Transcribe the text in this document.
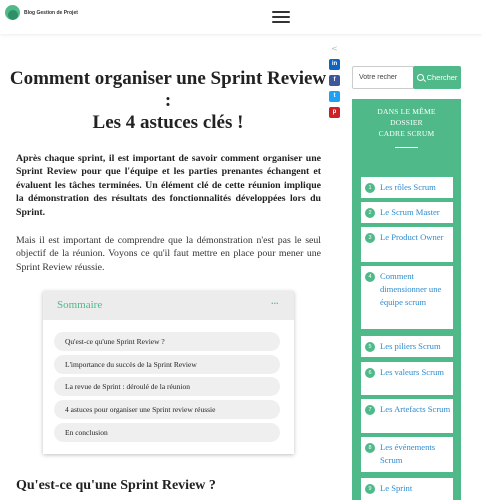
Blog Gestion de Projet
<
in
f
t
p
Comment organiser une Sprint Review :
Les 4 astuces clés !

Après chaque sprint, il est important de savoir comment organiser une Sprint Review pour que l'équipe et les parties prenantes échangent et évaluent les tâches terminées. Un élément clé de cette réunion implique la démonstration des résultats des fonctionnalités développées lors du Sprint.

Mais il est important de comprendre que la démonstration n'est pas le seul objectif de la réunion. Voyons ce qu'il faut mettre en place pour mener une Sprint Review réussie.

Sommaire	···
Qu'est-ce qu'une Sprint Review ?
L'importance du succès de la Sprint Review
La revue de Sprint : déroulé de la réunion
4 astuces pour organiser une Sprint review réussie
En conclusion
Qu'est-ce qu'une Sprint Review ?
Votre recher
Chercher
DANS LE MÊME
DOSSIER
CADRE SCRUM
1 Les rôles Scrum
2 Le Scrum Master
3 Le Product Owner
4 Comment dimensionner une équipe scrum
5 Les piliers Scrum
6 Les valeurs Scrum
7 Les Artefacts Scrum
8 Les événements Scrum
9 Le Sprint
